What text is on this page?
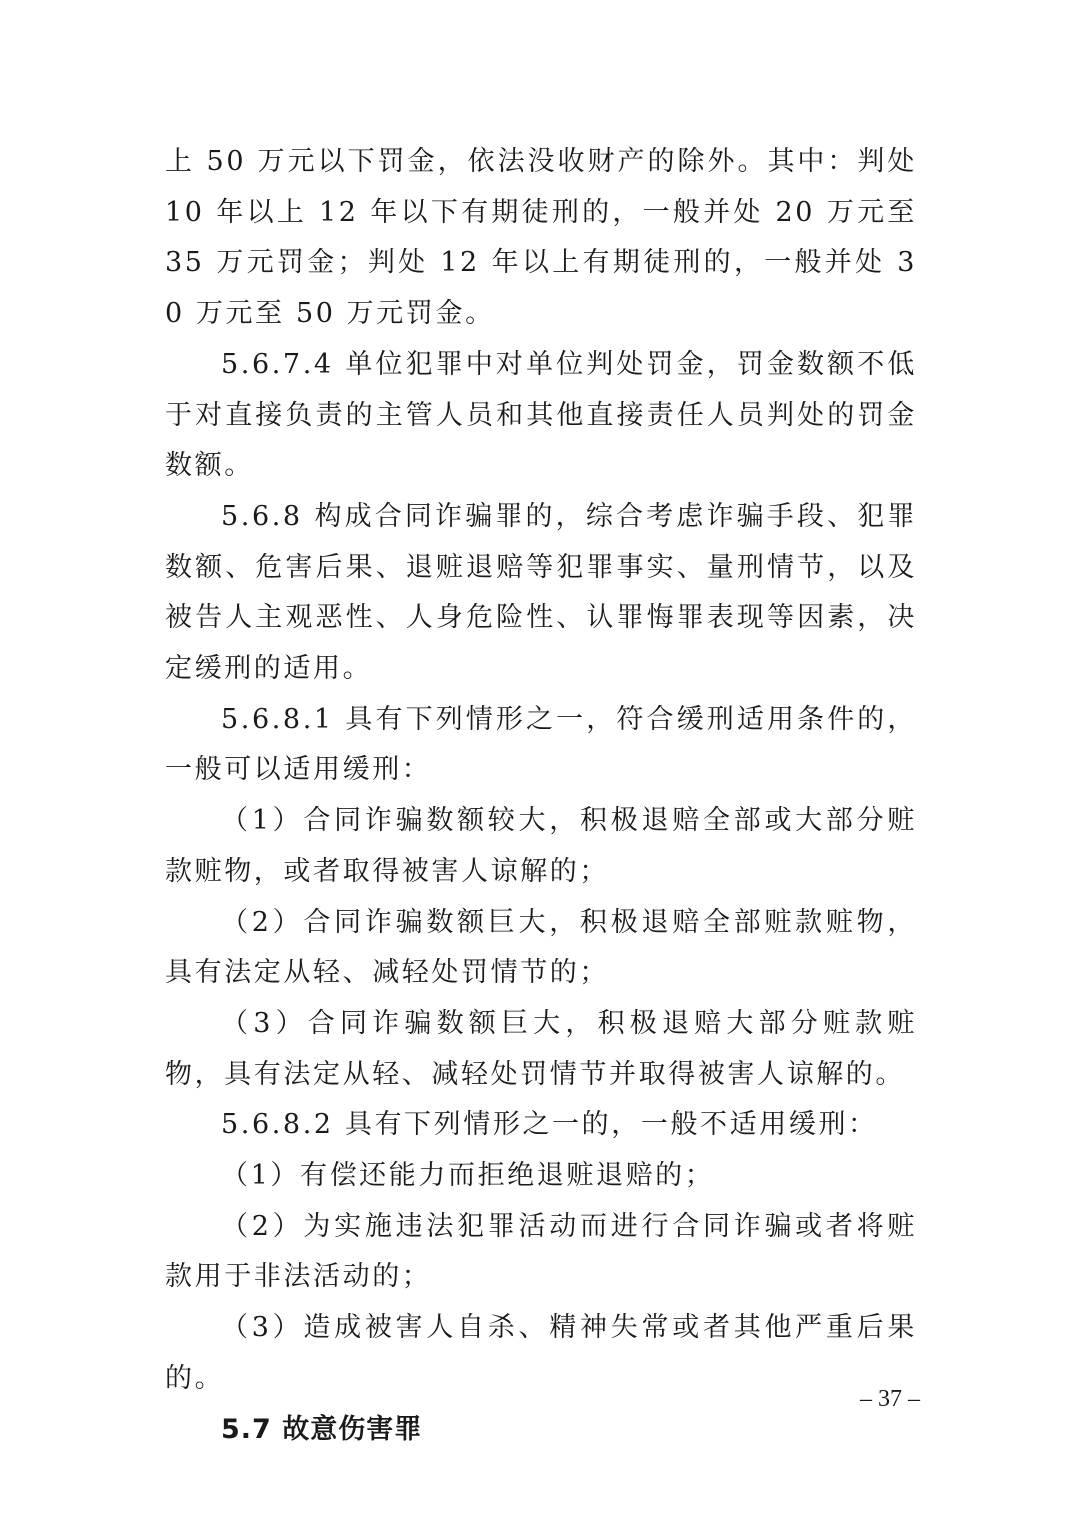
上 50 万元以下罚金，依法没收财产的除外。其中：判处 10 年以上 12 年以下有期徒刑的，一般并处 20 万元至 35 万元罚金；判处 12 年以上有期徒刑的，一般并处 30 万元至 50 万元罚金。

5.6.7.4 单位犯罪中对单位判处罚金，罚金数额不低于对直接负责的主管人员和其他直接责任人员判处的罚金数额。

5.6.8 构成合同诈骗罪的，综合考虑诈骗手段、犯罪数额、危害后果、退赃退赔等犯罪事实、量刑情节，以及被告人主观恶性、人身危险性、认罪悔罪表现等因素，决定缓刑的适用。

5.6.8.1 具有下列情形之一，符合缓刑适用条件的，一般可以适用缓刑：

（1）合同诈骗数额较大，积极退赔全部或大部分赃款赃物，或者取得被害人谅解的；

（2）合同诈骗数额巨大，积极退赔全部赃款赃物，具有法定从轻、减轻处罚情节的；

（3）合同诈骗数额巨大，积极退赔大部分赃款赃物，具有法定从轻、减轻处罚情节并取得被害人谅解的。

5.6.8.2 具有下列情形之一的，一般不适用缓刑：

（1）有偿还能力而拒绝退赃退赔的；

（2）为实施违法犯罪活动而进行合同诈骗或者将赃款用于非法活动的；

（3）造成被害人自杀、精神失常或者其他严重后果的。

5.7 故意伤害罪
– 37 –
